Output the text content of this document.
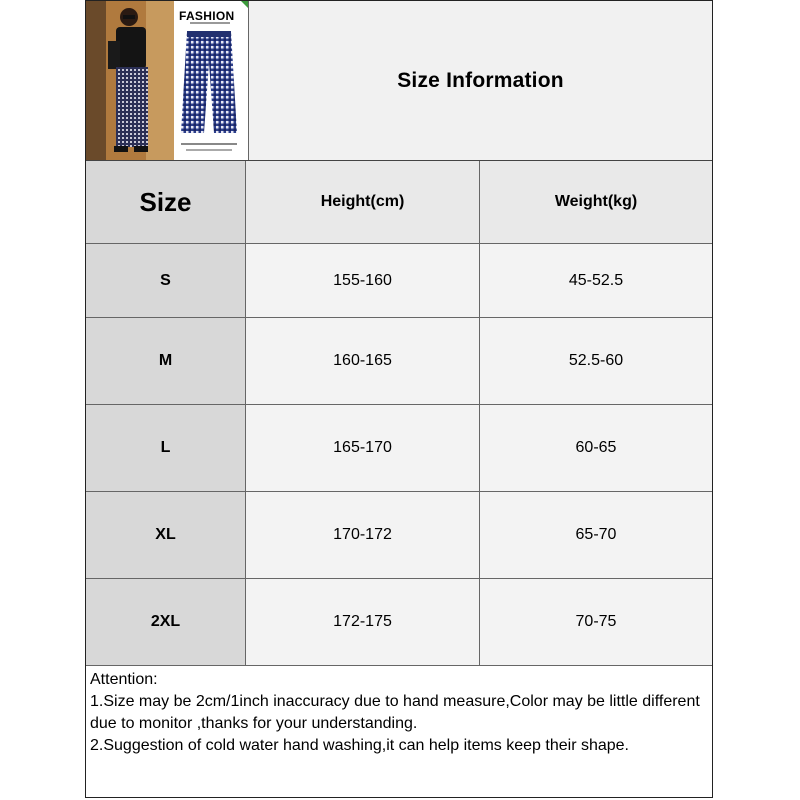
FASHION
Size Information
Size	Height(cm)	Weight(kg)
S	155-160	45-52.5
M	160-165	52.5-60
L	165-170	60-65
XL	170-172	65-70
2XL	172-175	70-75
Attention:
1.Size may be 2cm/1inch inaccuracy due to hand measure,Color may be little different due to monitor ,thanks for your understanding.
2.Suggestion of cold water hand washing,it can help items keep their shape.
